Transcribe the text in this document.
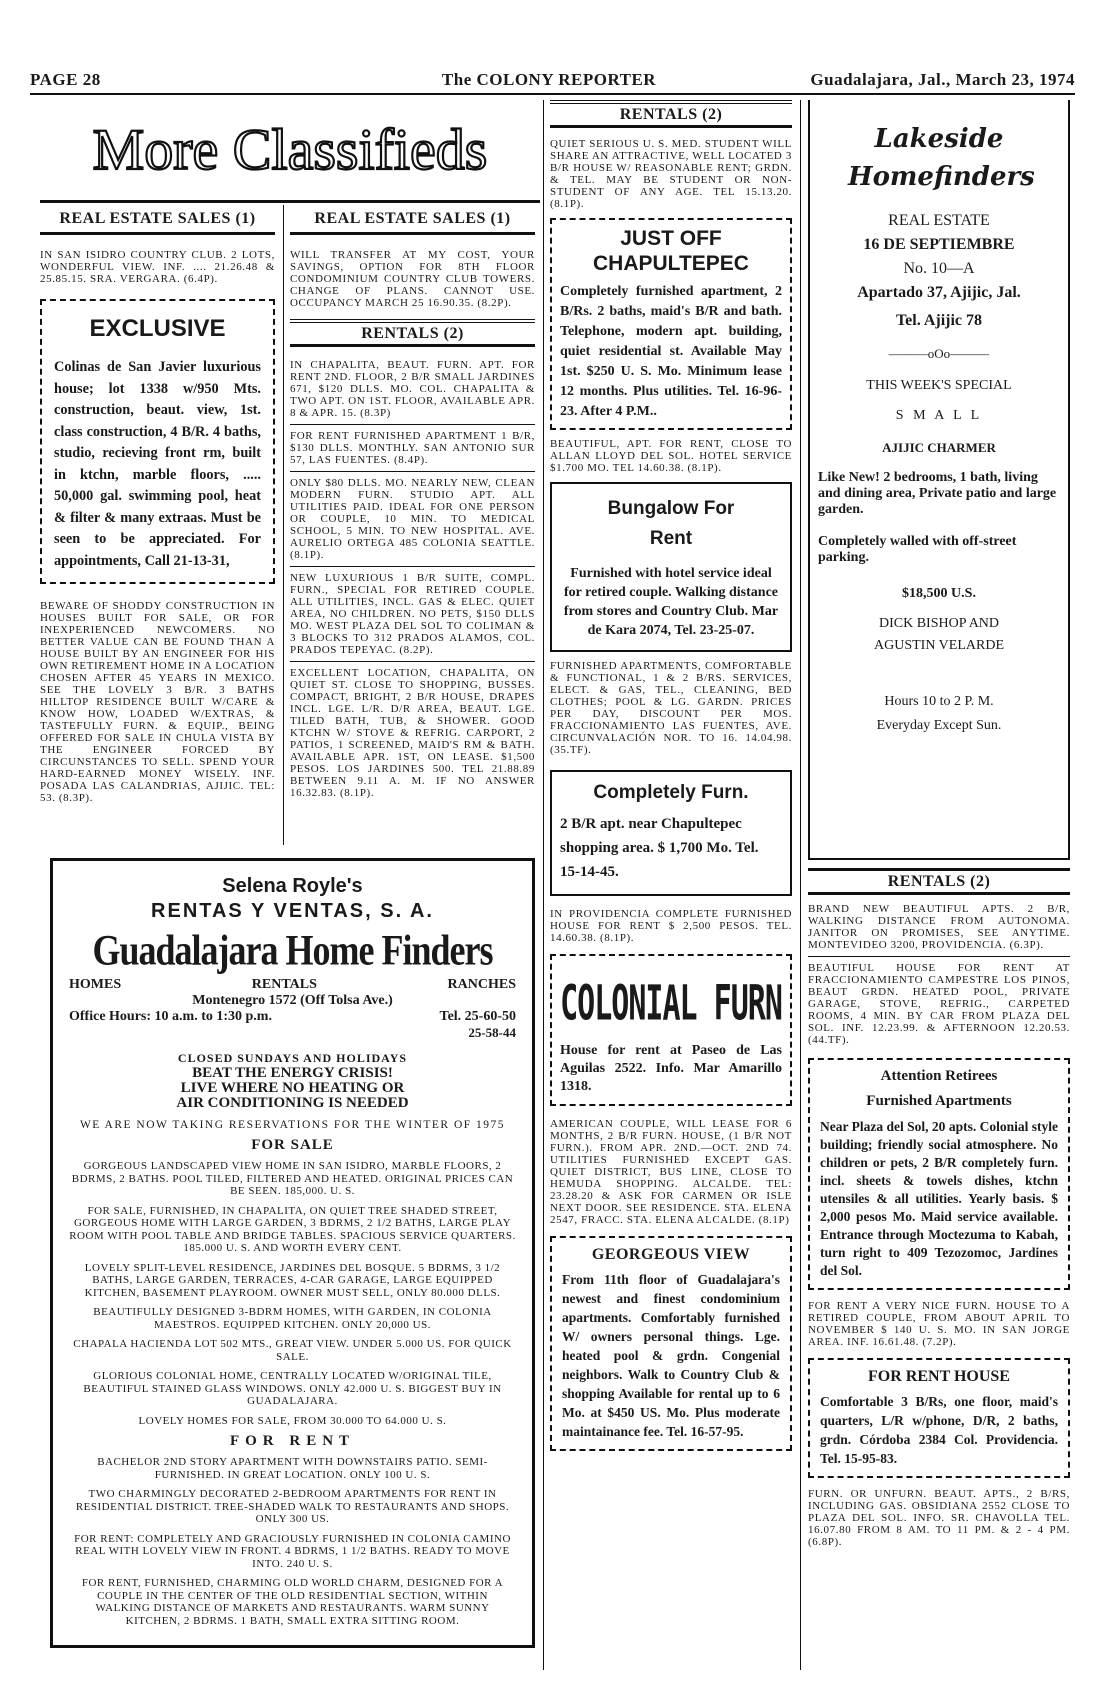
PAGE 28	The COLONY REPORTER	Guadalajara, Jal., March 23, 1974
More Classifieds
REAL ESTATE SALES (1)

IN SAN ISIDRO COUNTRY CLUB. 2 LOTS, WONDERFUL VIEW. INF. .... 21.26.48 & 25.85.15. SRA. VERGARA. (6.4P).

EXCLUSIVE

Colinas de San Javier luxurious house; lot 1338 w/950 Mts. construction, beaut. view, 1st. class construction, 4 B/R. 4 baths, studio, recieving front rm, built in ktchn, marble floors, ..... 50,000 gal. swimming pool, heat & filter & many extraas. Must be seen to be appreciated. For appointments, Call 21-13-31,

BEWARE OF SHODDY CONSTRUCTION IN HOUSES BUILT FOR SALE, OR FOR INEXPERIENCED NEWCOMERS. NO BETTER VALUE CAN BE FOUND THAN A HOUSE BUILT BY AN ENGINEER FOR HIS OWN RETIREMENT HOME IN A LOCATION CHOSEN AFTER 45 YEARS IN MEXICO. SEE THE LOVELY 3 B/R. 3 BATHS HILLTOP RESIDENCE BUILT W/CARE & KNOW HOW, LOADED W/EXTRAS, & TASTEFULLY FURN. & EQUIP., BEING OFFERED FOR SALE IN CHULA VISTA BY THE ENGINEER FORCED BY CIRCUNSTANCES TO SELL. SPEND YOUR HARD-EARNED MONEY WISELY. INF. POSADA LAS CALANDRIAS, AJIJIC. TEL: 53. (8.3P).

REAL ESTATE SALES (1)

WILL TRANSFER AT MY COST, YOUR SAVINGS, OPTION FOR 8TH FLOOR CONDOMINIUM COUNTRY CLUB TOWERS. CHANGE OF PLANS. CANNOT USE. OCCUPANCY MARCH 25 16.90.35. (8.2P).

RENTALS (2)

IN CHAPALITA, BEAUT. FURN. APT. FOR RENT 2ND. FLOOR, 2 B/R SMALL JARDINES 671, $120 DLLS. MO. COL. CHAPALITA & TWO APT. ON 1ST. FLOOR, AVAILABLE APR. 8 & APR. 15. (8.3P)

FOR RENT FURNISHED APARTMENT 1 B/R, $130 DLLS. MONTHLY. SAN ANTONIO SUR 57, LAS FUENTES. (8.4P).

ONLY $80 DLLS. MO. NEARLY NEW, CLEAN MODERN FURN. STUDIO APT. ALL UTILITIES PAID. IDEAL FOR ONE PERSON OR COUPLE, 10 MIN. TO MEDICAL SCHOOL, 5 MIN. TO NEW HOSPITAL. AVE. AURELIO ORTEGA 485 COLONIA SEATTLE. (8.1P).

NEW LUXURIOUS 1 B/R SUITE, COMPL. FURN., SPECIAL FOR RETIRED COUPLE. ALL UTILITIES, INCL. GAS & ELEC. QUIET AREA, NO CHILDREN. NO PETS, $150 DLLS MO. WEST PLAZA DEL SOL TO COLIMAN & 3 BLOCKS TO 312 PRADOS ALAMOS, COL. PRADOS TEPEYAC. (8.2P).

EXCELLENT LOCATION, CHAPALITA, ON QUIET ST. CLOSE TO SHOPPING, BUSSES. COMPACT, BRIGHT, 2 B/R HOUSE, DRAPES INCL. LGE. L/R. D/R AREA, BEAUT. LGE. TILED BATH, TUB, & SHOWER. GOOD KTCHN W/ STOVE & REFRIG. CARPORT, 2 PATIOS, 1 SCREENED, MAID'S RM & BATH. AVAILABLE APR. 1ST, ON LEASE. $1,500 PESOS. LOS JARDINES 500. TEL 21.88.89 BETWEEN 9.11 A. M. IF NO ANSWER 16.32.83. (8.1P).

Selena Royle's
RENTAS Y VENTAS, S. A.
Guadalajara Home Finders
HOMES	RENTALS	RANCHES
Montenegro 1572 (Off Tolsa Ave.)
Office Hours: 10 a.m. to 1:30 p.m.	Tel. 25-60-50
25-58-44
CLOSED SUNDAYS AND HOLIDAYS
BEAT THE ENERGY CRISIS!
LIVE WHERE NO HEATING OR
AIR CONDITIONING IS NEEDED
WE ARE NOW TAKING RESERVATIONS FOR THE WINTER OF 1975
FOR SALE

GORGEOUS LANDSCAPED VIEW HOME IN SAN ISIDRO, MARBLE FLOORS, 2 BDRMS, 2 BATHS. POOL TILED, FILTERED AND HEATED. ORIGINAL PRICES CAN BE SEEN. 185,000. U. S.

FOR SALE, FURNISHED, IN CHAPALITA, ON QUIET TREE SHADED STREET, GORGEOUS HOME WITH LARGE GARDEN, 3 BDRMS, 2 1/2 BATHS, LARGE PLAY ROOM WITH POOL TABLE AND BRIDGE TABLES. SPACIOUS SERVICE QUARTERS. 185.000 U. S. AND WORTH EVERY CENT.

LOVELY SPLIT-LEVEL RESIDENCE, JARDINES DEL BOSQUE. 5 BDRMS, 3 1/2 BATHS, LARGE GARDEN, TERRACES, 4-CAR GARAGE, LARGE EQUIPPED KITCHEN, BASEMENT PLAYROOM. OWNER MUST SELL, ONLY 80.000 DLLS.

BEAUTIFULLY DESIGNED 3-BDRM HOMES, WITH GARDEN, IN COLONIA MAESTROS. EQUIPPED KITCHEN. ONLY 20,000 US.

CHAPALA HACIENDA LOT 502 MTS., GREAT VIEW. UNDER 5.000 US. FOR QUICK SALE.

GLORIOUS COLONIAL HOME, CENTRALLY LOCATED W/ORIGINAL TILE, BEAUTIFUL STAINED GLASS WINDOWS. ONLY 42.000 U. S. BIGGEST BUY IN GUADALAJARA.

LOVELY HOMES FOR SALE, FROM 30.000 TO 64.000 U. S.

FOR RENT

BACHELOR 2ND STORY APARTMENT WITH DOWNSTAIRS PATIO. SEMI-FURNISHED. IN GREAT LOCATION. ONLY 100 U. S.

TWO CHARMINGLY DECORATED 2-BEDROOM APARTMENTS FOR RENT IN RESIDENTIAL DISTRICT. TREE-SHADED WALK TO RESTAURANTS AND SHOPS. ONLY 300 US.

FOR RENT: COMPLETELY AND GRACIOUSLY FURNISHED IN COLONIA CAMINO REAL WITH LOVELY VIEW IN FRONT. 4 BDRMS, 1 1/2 BATHS. READY TO MOVE INTO. 240 U. S.

FOR RENT, FURNISHED, CHARMING OLD WORLD CHARM, DESIGNED FOR A COUPLE IN THE CENTER OF THE OLD RESIDENTIAL SECTION, WITHIN WALKING DISTANCE OF MARKETS AND RESTAURANTS. WARM SUNNY KITCHEN, 2 BDRMS. 1 BATH, SMALL EXTRA SITTING ROOM.

RENTALS (2)

QUIET SERIOUS U. S. MED. STUDENT WILL SHARE AN ATTRACTIVE, WELL LOCATED 3 B/R HOUSE W/ REASONABLE RENT; GRDN. & TEL. MAY BE STUDENT OR NON-STUDENT OF ANY AGE. TEL 15.13.20. (8.1P).

JUST OFF CHAPULTEPEC

Completely furnished apartment, 2 B/Rs. 2 baths, maid's B/R and bath. Telephone, modern apt. building, quiet residential st. Available May 1st. $250 U. S. Mo. Minimum lease 12 months. Plus utilities. Tel. 16-96-23. After 4 P.M..

BEAUTIFUL, APT. FOR RENT, CLOSE TO ALLAN LLOYD DEL SOL. HOTEL SERVICE $1.700 MO. TEL 14.60.38. (8.1P).

Bungalow For Rent

Furnished with hotel service ideal for retired couple. Walking distance from stores and Country Club. Mar de Kara 2074, Tel. 23-25-07.

FURNISHED APARTMENTS, COMFORTABLE & FUNCTIONAL, 1 & 2 B/RS. SERVICES, ELECT. & GAS, TEL., CLEANING, BED CLOTHES; POOL & LG. GARDN. PRICES PER DAY, DISCOUNT PER MOS. FRACCIONAMIENTO LAS FUENTES, AVE. CIRCUNVALACIÓN NOR. TO 16. 14.04.98. (35.TF).

Completely Furn.

2 B/R apt. near Chapultepec shopping area. $ 1,700 Mo. Tel. 15-14-45.

IN PROVIDENCIA COMPLETE FURNISHED HOUSE FOR RENT $ 2,500 PESOS. TEL. 14.60.38. (8.1P).

COLONIAL FURN

House for rent at Paseo de Las Aguilas 2522. Info. Mar Amarillo 1318.

AMERICAN COUPLE, WILL LEASE FOR 6 MONTHS, 2 B/R FURN. HOUSE, (1 B/R NOT FURN.). FROM APR. 2ND.—OCT. 2ND 74. UTILITIES FURNISHED EXCEPT GAS. QUIET DISTRICT, BUS LINE, CLOSE TO HEMUDA SHOPPING. ALCALDE. TEL: 23.28.20 & ASK FOR CARMEN OR ISLE NEXT DOOR. SEE RESIDENCE. STA. ELENA 2547, FRACC. STA. ELENA ALCALDE. (8.1P)

GEORGEOUS VIEW

From 11th floor of Guadalajara's newest and finest condominium apartments. Comfortably furnished W/ owners personal things. Lge. heated pool & grdn. Congenial neighbors. Walk to Country Club & shopping Available for rental up to 6 Mo. at $450 US. Mo. Plus moderate maintainance fee. Tel. 16-57-95.

Lakeside Homefinders
REAL ESTATE
16 DE SEPTIEMBRE
No. 10—A
Apartado 37, Ajijic, Jal.
Tel. Ajijic 78
———oOo———
THIS WEEK'S SPECIAL
S M A L L
AJIJIC CHARMER

Like New! 2 bedrooms, 1 bath, living and dining area, Private patio and large garden.

Completely walled with off-street parking.

$18,500 U.S.
DICK BISHOP AND
AGUSTIN VELARDE
Hours 10 to 2 P. M.
Everyday Except Sun.
RENTALS (2)

BRAND NEW BEAUTIFUL APTS. 2 B/R, WALKING DISTANCE FROM AUTONOMA. JANITOR ON PROMISES, SEE ANYTIME. MONTEVIDEO 3200, PROVIDENCIA. (6.3P).

BEAUTIFUL HOUSE FOR RENT AT FRACCIONAMIENTO CAMPESTRE LOS PINOS, BEAUT GRDN. HEATED POOL, PRIVATE GARAGE, STOVE, REFRIG., CARPETED ROOMS, 4 MIN. BY CAR FROM PLAZA DEL SOL. INF. 12.23.99. & AFTERNOON 12.20.53. (44.TF).

Attention Retirees
Furnished Apartments

Near Plaza del Sol, 20 apts. Colonial style building; friendly social atmosphere. No children or pets, 2 B/R completely furn. incl. sheets & towels dishes, ktchn utensiles & all utilities. Yearly basis. $ 2,000 pesos Mo. Maid service available. Entrance through Moctezuma to Kabah, turn right to 409 Tezozomoc, Jardines del Sol.

FOR RENT A VERY NICE FURN. HOUSE TO A RETIRED COUPLE, FROM ABOUT APRIL TO NOVEMBER $ 140 U. S. MO. IN SAN JORGE AREA. INF. 16.61.48. (7.2P).

FOR RENT HOUSE

Comfortable 3 B/Rs, one floor, maid's quarters, L/R w/phone, D/R, 2 baths, grdn. Córdoba 2384 Col. Providencia. Tel. 15-95-83.

FURN. OR UNFURN. BEAUT. APTS., 2 B/RS, INCLUDING GAS. OBSIDIANA 2552 CLOSE TO PLAZA DEL SOL. INFO. SR. CHAVOLLA TEL. 16.07.80 FROM 8 AM. TO 11 PM. & 2 - 4 PM. (6.8P).
